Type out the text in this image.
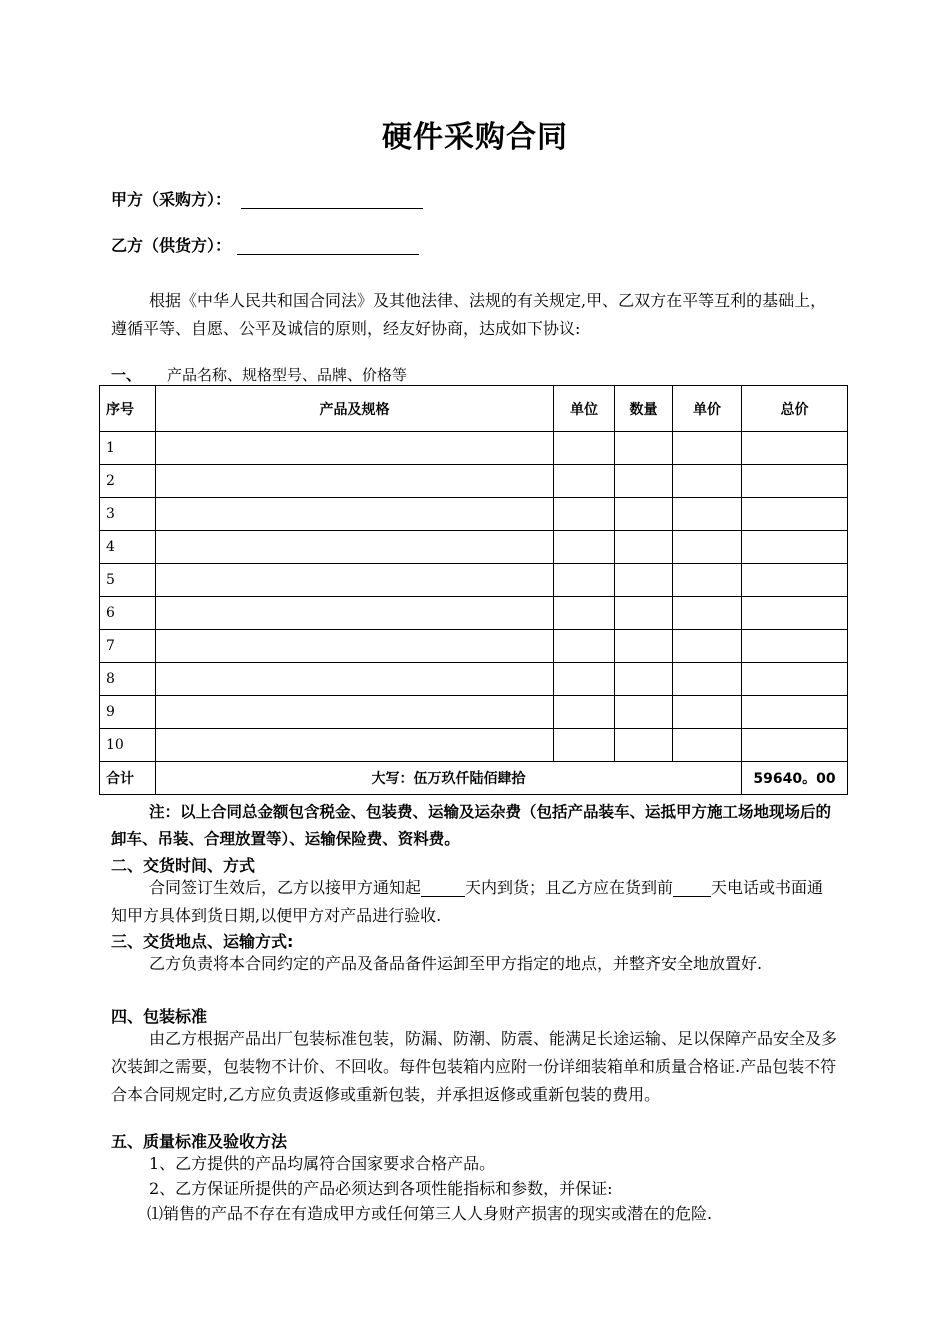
硬件采购合同
甲方（采购方）：
乙方（供货方）：
根据《中华人民共和国合同法》及其他法律、法规的有关规定,甲、乙双方在平等互利的基础上，遵循平等、自愿、公平及诚信的原则，经友好协商，达成如下协议:
一、 产品名称、规格型号、品牌、价格等
序号	产品及规格	单位	数量	单价	总价
1					
2					
3					
4					
5					
6					
7					
8					
9					
10					
合计	大写：伍万玖仟陆佰肆拾				59640。00
注：以上合同总金额包含税金、包装费、运输及运杂费（包括产品装车、运抵甲方施工场地现场后的卸车、吊装、合理放置等）、运输保险费、资料费。
二、交货时间、方式
合同签订生效后，乙方以接甲方通知起	天内到货；且乙方应在货到前 天电话或书面通知甲方具体到货日期,以便甲方对产品进行验收.
三、交货地点、运输方式:
乙方负责将本合同约定的产品及备品备件运卸至甲方指定的地点，并整齐安全地放置好.
四、包装标准
由乙方根据产品出厂包装标准包装，防漏、防潮、防震、能满足长途运输、足以保障产品安全及多次装卸之需要，包装物不计价、不回收。每件包装箱内应附一份详细装箱单和质量合格证.产品包装不符合本合同规定时,乙方应负责返修或重新包装，并承担返修或重新包装的费用。
五、质量标准及验收方法
1、乙方提供的产品均属符合国家要求合格产品。
2、乙方保证所提供的产品必须达到各项性能指标和参数，并保证:
⑴销售的产品不存在有造成甲方或任何第三人人身财产损害的现实或潜在的危险.
